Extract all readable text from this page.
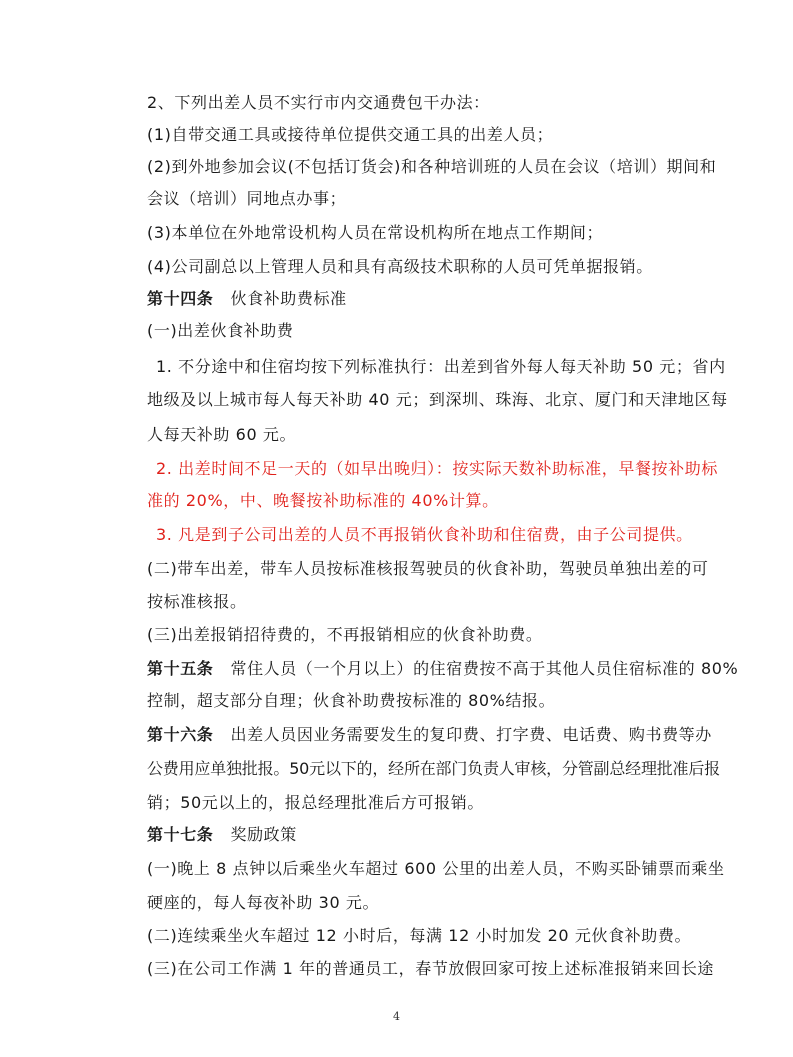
2、下列出差人员不实行市内交通费包干办法：
(1)自带交通工具或接待单位提供交通工具的出差人员；
(2)到外地参加会议(不包括订货会)和各种培训班的人员在会议（培训）期间和
会议（培训）同地点办事；
(3)本单位在外地常设机构人员在常设机构所在地点工作期间；
(4)公司副总以上管理人员和具有高级技术职称的人员可凭单据报销。
第十四条 伙食补助费标准
(一)出差伙食补助费
1. 不分途中和住宿均按下列标准执行：出差到省外每人每天补助 50 元；省内
地级及以上城市每人每天补助 40 元；到深圳、珠海、北京、厦门和天津地区每
人每天补助 60 元。
2. 出差时间不足一天的（如早出晚归）：按实际天数补助标准，早餐按补助标
准的 20%，中、晚餐按补助标准的 40%计算。
3. 凡是到子公司出差的人员不再报销伙食补助和住宿费，由子公司提供。
(二)带车出差，带车人员按标准核报驾驶员的伙食补助，驾驶员单独出差的可
按标准核报。
(三)出差报销招待费的，不再报销相应的伙食补助费。
第十五条 常住人员（一个月以上）的住宿费按不高于其他人员住宿标准的 80%
控制，超支部分自理；伙食补助费按标准的 80%结报。
第十六条 出差人员因业务需要发生的复印费、打字费、电话费、购书费等办
公费用应单独批报。50元以下的，经所在部门负责人审核，分管副总经理批准后报
销；50元以上的，报总经理批准后方可报销。
第十七条 奖励政策
(一)晚上 8 点钟以后乘坐火车超过 600 公里的出差人员，不购买卧铺票而乘坐
硬座的，每人每夜补助 30 元。
(二)连续乘坐火车超过 12 小时后，每满 12 小时加发 20 元伙食补助费。
(三)在公司工作满 1 年的普通员工，春节放假回家可按上述标准报销来回长途
4
